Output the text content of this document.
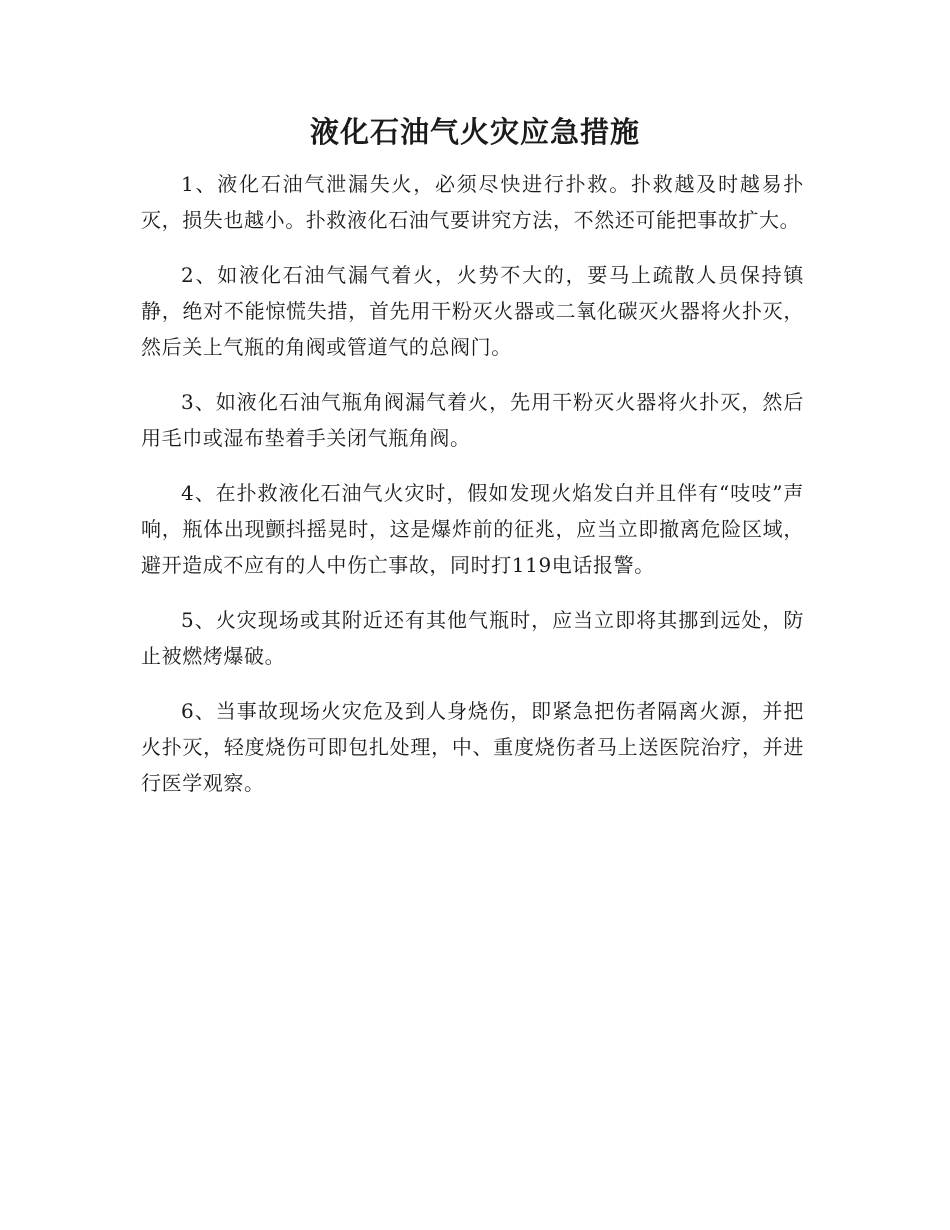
液化石油气火灾应急措施

1、液化石油气泄漏失火，必须尽快进行扑救。扑救越及时越易扑灭，损失也越小。扑救液化石油气要讲究方法，不然还可能把事故扩大。

2、如液化石油气漏气着火，火势不大的，要马上疏散人员保持镇静，绝对不能惊慌失措，首先用干粉灭火器或二氧化碳灭火器将火扑灭，然后关上气瓶的角阀或管道气的总阀门。

3、如液化石油气瓶角阀漏气着火，先用干粉灭火器将火扑灭，然后用毛巾或湿布垫着手关闭气瓶角阀。

4、在扑救液化石油气火灾时，假如发现火焰发白并且伴有“吱吱”声响，瓶体出现颤抖摇晃时，这是爆炸前的征兆，应当立即撤离危险区域，避开造成不应有的人中伤亡事故，同时打119电话报警。

5、火灾现场或其附近还有其他气瓶时，应当立即将其挪到远处，防止被燃烤爆破。

6、当事故现场火灾危及到人身烧伤，即紧急把伤者隔离火源，并把火扑灭，轻度烧伤可即包扎处理，中、重度烧伤者马上送医院治疗，并进行医学观察。
